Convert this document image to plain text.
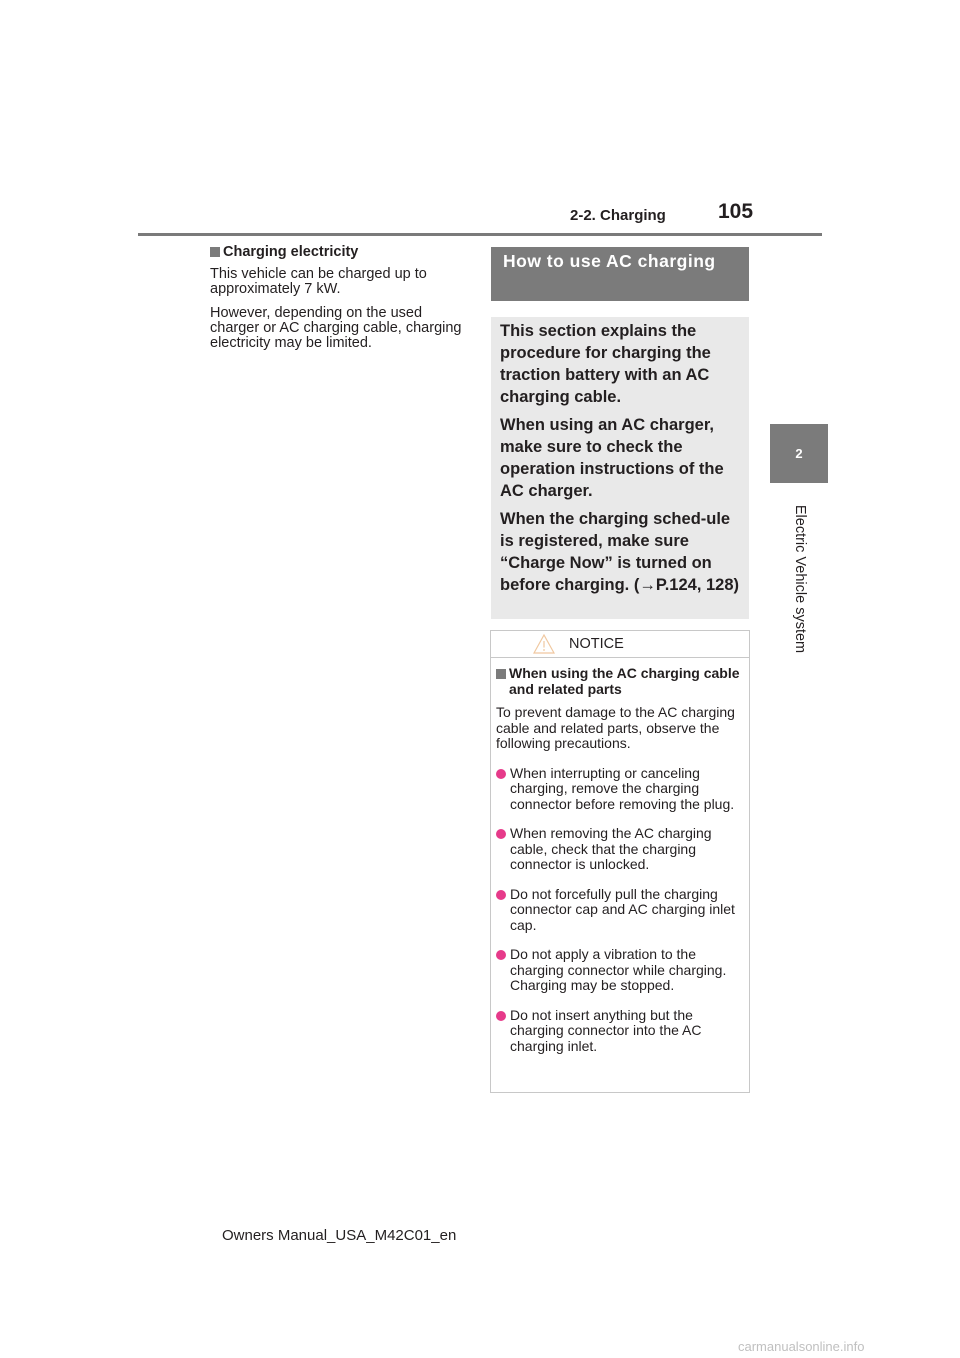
2-2. Charging 105
2
Electric Vehicle system
Charging electricity

This vehicle can be charged up to approximately 7 kW.

However, depending on the used charger or AC charging cable, charging electricity may be limited.

How to use AC charging

This section explains the procedure for charging the traction battery with an AC charging cable.

When using an AC charger, make sure to check the operation instructions of the AC charger.

When the charging sched-ule is registered, make sure “Charge Now” is turned on before charging. (→P.124, 128)

NOTICE
When using the AC charging cable and related parts
To prevent damage to the AC charging cable and related parts, observe the following precautions.
When interrupting or canceling charging, remove the charging connector before removing the plug.
When removing the AC charging cable, check that the charging connector is unlocked.
Do not forcefully pull the charging connector cap and AC charging inlet cap.
Do not apply a vibration to the charging connector while charging. Charging may be stopped.
Do not insert anything but the charging connector into the AC charging inlet.
Owners Manual_USA_M42C01_en
carmanualsonline.info
